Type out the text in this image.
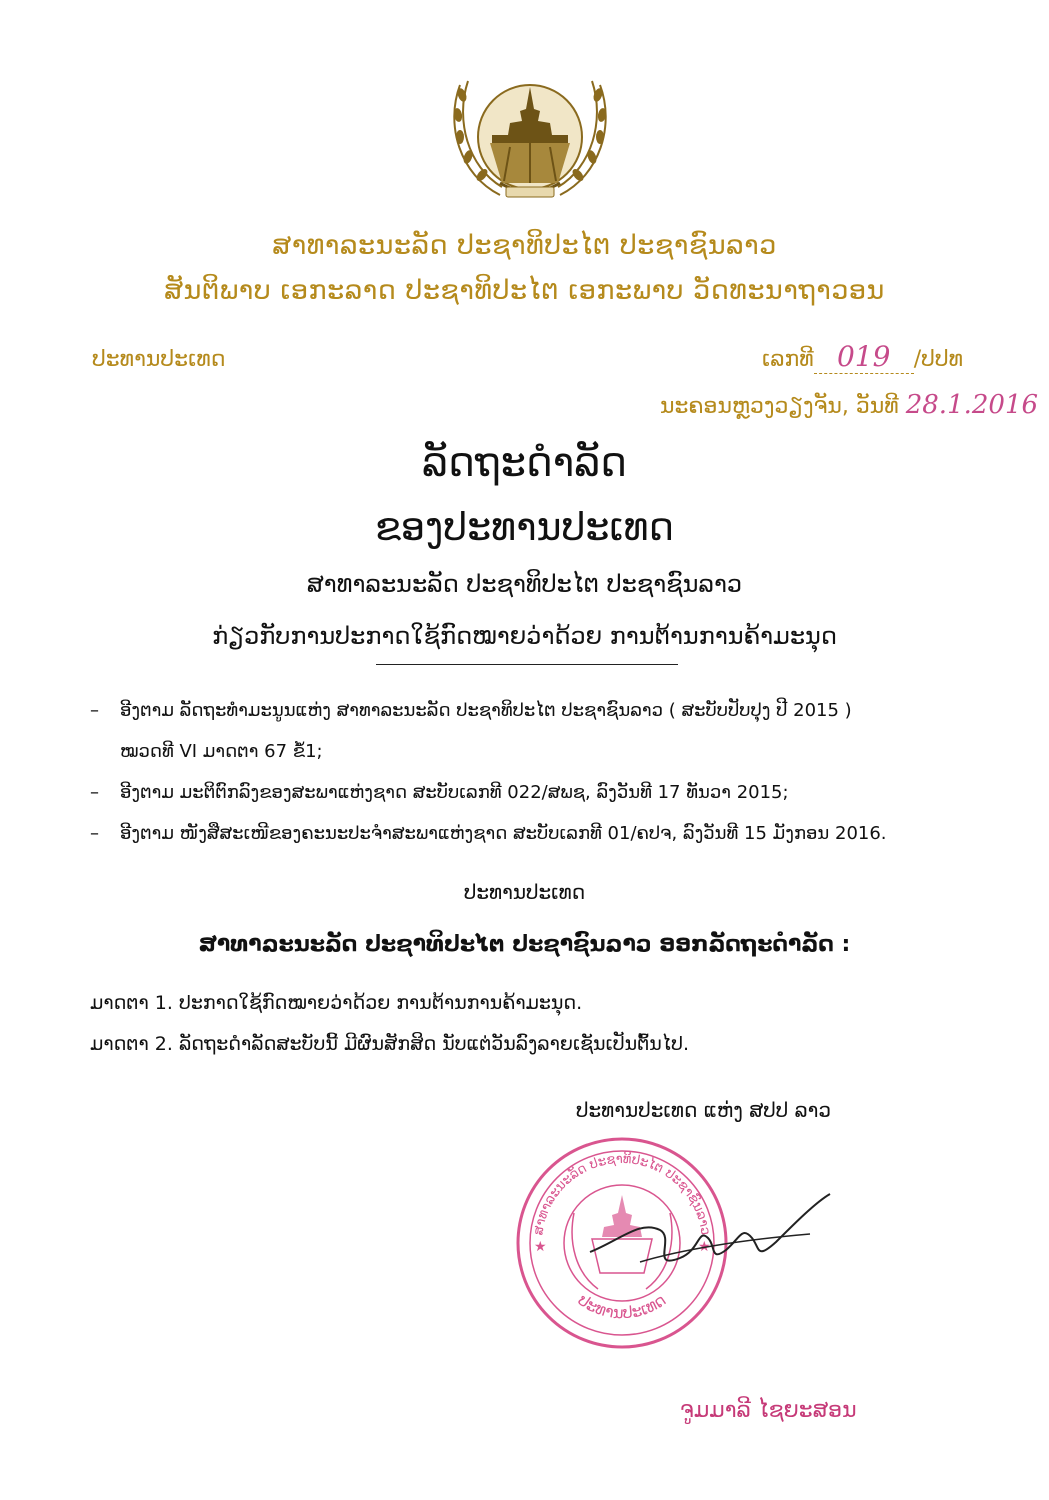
ສາທາລະນະລັດ ປະຊາທິປະໄຕ ປະຊາຊົນລາວ
ສັນຕິພາບ ເອກະລາດ ປະຊາທິປະໄຕ ເອກະພາບ ວັດທະນາຖາວອນ
ປະທານປະເທດ	ເລກທີ 019 /ປປທ
ນະຄອນຫຼວງວຽງຈັນ, ວັນທີ 28.1.2016
ລັດຖະດຳລັດ
ຂອງປະທານປະເທດ
ສາທາລະນະລັດ ປະຊາທິປະໄຕ ປະຊາຊົນລາວ
ກ່ຽວກັບການປະກາດໃຊ້ກົດໝາຍວ່າດ້ວຍ ການຕ້ານການຄ້າມະນຸດ
–	ອີງຕາມ ລັດຖະທຳມະນູນແຫ່ງ ສາທາລະນະລັດ ປະຊາທິປະໄຕ ປະຊາຊົນລາວ ( ສະບັບປັບປຸງ ປີ 2015 )
ໝວດທີ VI ມາດຕາ 67 ຂໍ້1;
–	ອີງຕາມ ມະຕິຕົກລົງຂອງສະພາແຫ່ງຊາດ ສະບັບເລກທີ 022/ສພຊ, ລົງວັນທີ 17 ທັນວາ 2015;
–	ອີງຕາມ ໜັງສືສະເໜີຂອງຄະນະປະຈຳສະພາແຫ່ງຊາດ ສະບັບເລກທີ 01/ຄປຈ, ລົງວັນທີ 15 ມັງກອນ 2016.
ປະທານປະເທດ
ສາທາລະນະລັດ ປະຊາທິປະໄຕ ປະຊາຊົນລາວ ອອກລັດຖະດຳລັດ :
ມາດຕາ 1. ປະກາດໃຊ້ກົດໝາຍວ່າດ້ວຍ ການຕ້ານການຄ້າມະນຸດ.
ມາດຕາ 2. ລັດຖະດຳລັດສະບັບນີ້ ມີຜົນສັກສິດ ນັບແຕ່ວັນລົງລາຍເຊັນເປັນຕົ້ນໄປ.
ປະທານປະເທດ ແຫ່ງ ສປປ ລາວ
ສາທາລະນະລັດ ປະຊາທິປະໄຕ ປະຊາຊົນລາວ
ປະທານປະເທດ
★	★
ຈູມມາລີ ໄຊຍະສອນ
